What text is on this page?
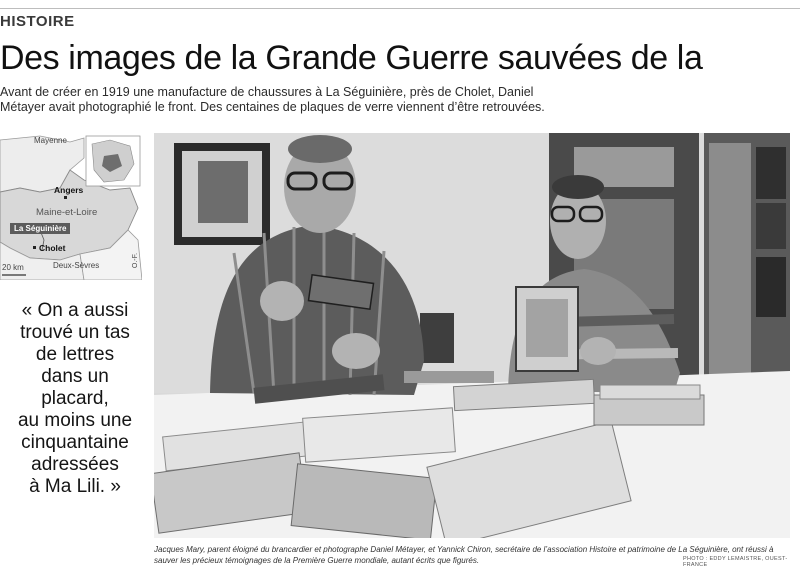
HISTOIRE
Des images de la Grande Guerre sauvées de la

Avant de créer en 1919 une manufacture de chaussures à La Séguinière, près de Cholet, Daniel Métayer avait photographié le front. Des centaines de plaques de verre viennent d’être retrouvées.

Mayenne
Angers
Maine-et-Loire
Cholet
Deux-Sèvres
20 km	O.-F.
La Séguinière
« On a aussi
trouvé un tas
de lettres
dans un
placard,
au moins une
cinquantaine
adressées
à Ma Lili. »

Jacques Mary, parent éloigné du brancardier et photographe Daniel Métayer, et Yannick Chiron, secrétaire de l’association Histoire et patrimoine de La Séguinière, ont réussi à sauver les précieux témoignages de la Première Guerre mondiale, autant écrits que figurés.	PHOTO : EDDY LEMAISTRE, OUEST-FRANCE
